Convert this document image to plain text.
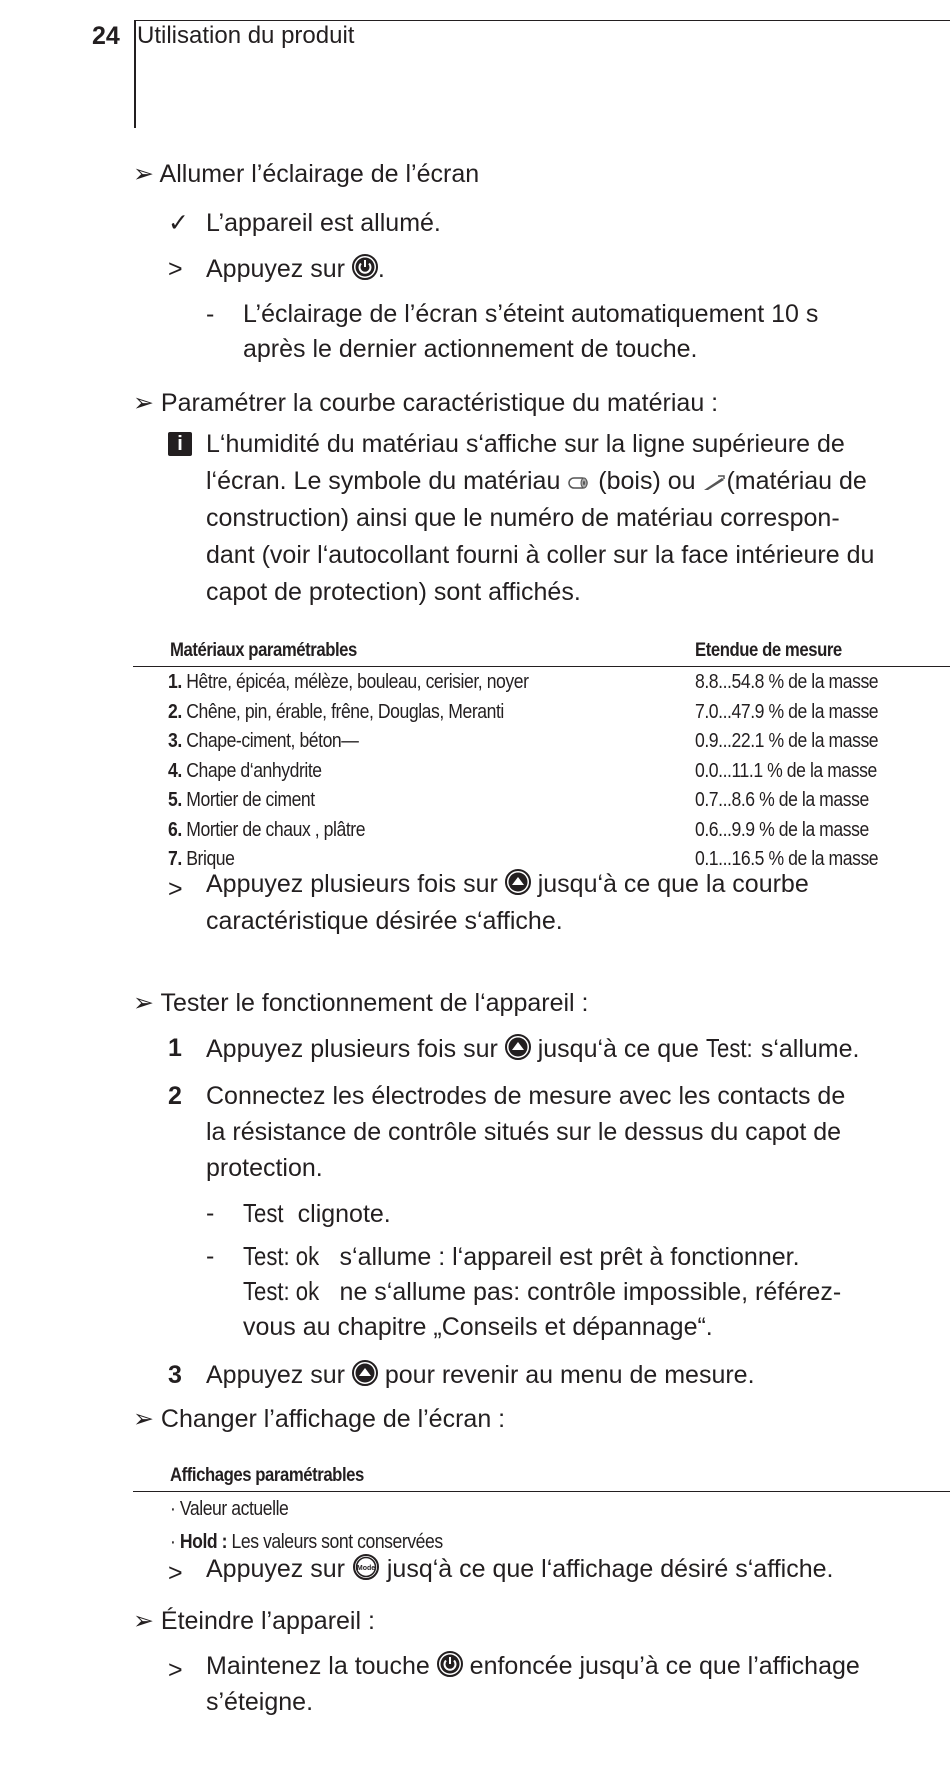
24 Utilisation du produit
➢ Allumer l’éclairage de l’écran
✓ L’appareil est allumé.
> Appuyez sur .
- L’éclairage de l’écran s’éteint automatiquement 10 s
après le dernier actionnement de touche.
➢ Paramétrer la courbe caractéristique du matériau :
i L‘humidité du matériau s‘affiche sur la ligne supérieure de
l‘écran. Le symbole du matériau (bois) ou (matériau de
construction) ainsi que le numéro de matériau correspon-
dant (voir l‘autocollant fourni à coller sur la face intérieure du
capot de protection) sont affichés.
Matériaux paramétrables	Etendue de mesure
1. Hêtre, épicéa, mélèze, bouleau, cerisier, noyer	8.8...54.8 % de la masse
2. Chêne, pin, érable, frêne, Douglas, Meranti	7.0...47.9 % de la masse
3. Chape-ciment, béton—	0.9...22.1 % de la masse
4. Chape d‘anhydrite	0.0...11.1 % de la masse
5. Mortier de ciment	0.7...8.6 % de la masse
6. Mortier de chaux , plâtre	0.6...9.9 % de la masse
7. Brique	0.1...16.5 % de la masse
> Appuyez plusieurs fois sur jusqu‘à ce que la courbe
caractéristique désirée s‘affiche.
➢ Tester le fonctionnement de l‘appareil :
1 Appuyez plusieurs fois sur jusqu‘à ce que Test: s‘allume.
2 Connectez les électrodes de mesure avec les contacts de
la résistance de contrôle situés sur le dessus du capot de
protection.
- Test clignote.
- Test: ok s‘allume : l‘appareil est prêt à fonctionner.
Test: ok ne s‘allume pas: contrôle impossible, référez-
vous au chapitre „Conseils et dépannage“.
3 Appuyez sur pour revenir au menu de mesure.
➢ Changer l’affichage de l’écran :
Affichages paramétrables
· Valeur actuelle
· Hold : Les valeurs sont conservées
> Appuyez sur Mode jusq‘à ce que l‘affichage désiré s‘affiche.
➢ Éteindre l’appareil :
> Maintenez la touche enfoncée jusqu’à ce que l’affichage
s’éteigne.
